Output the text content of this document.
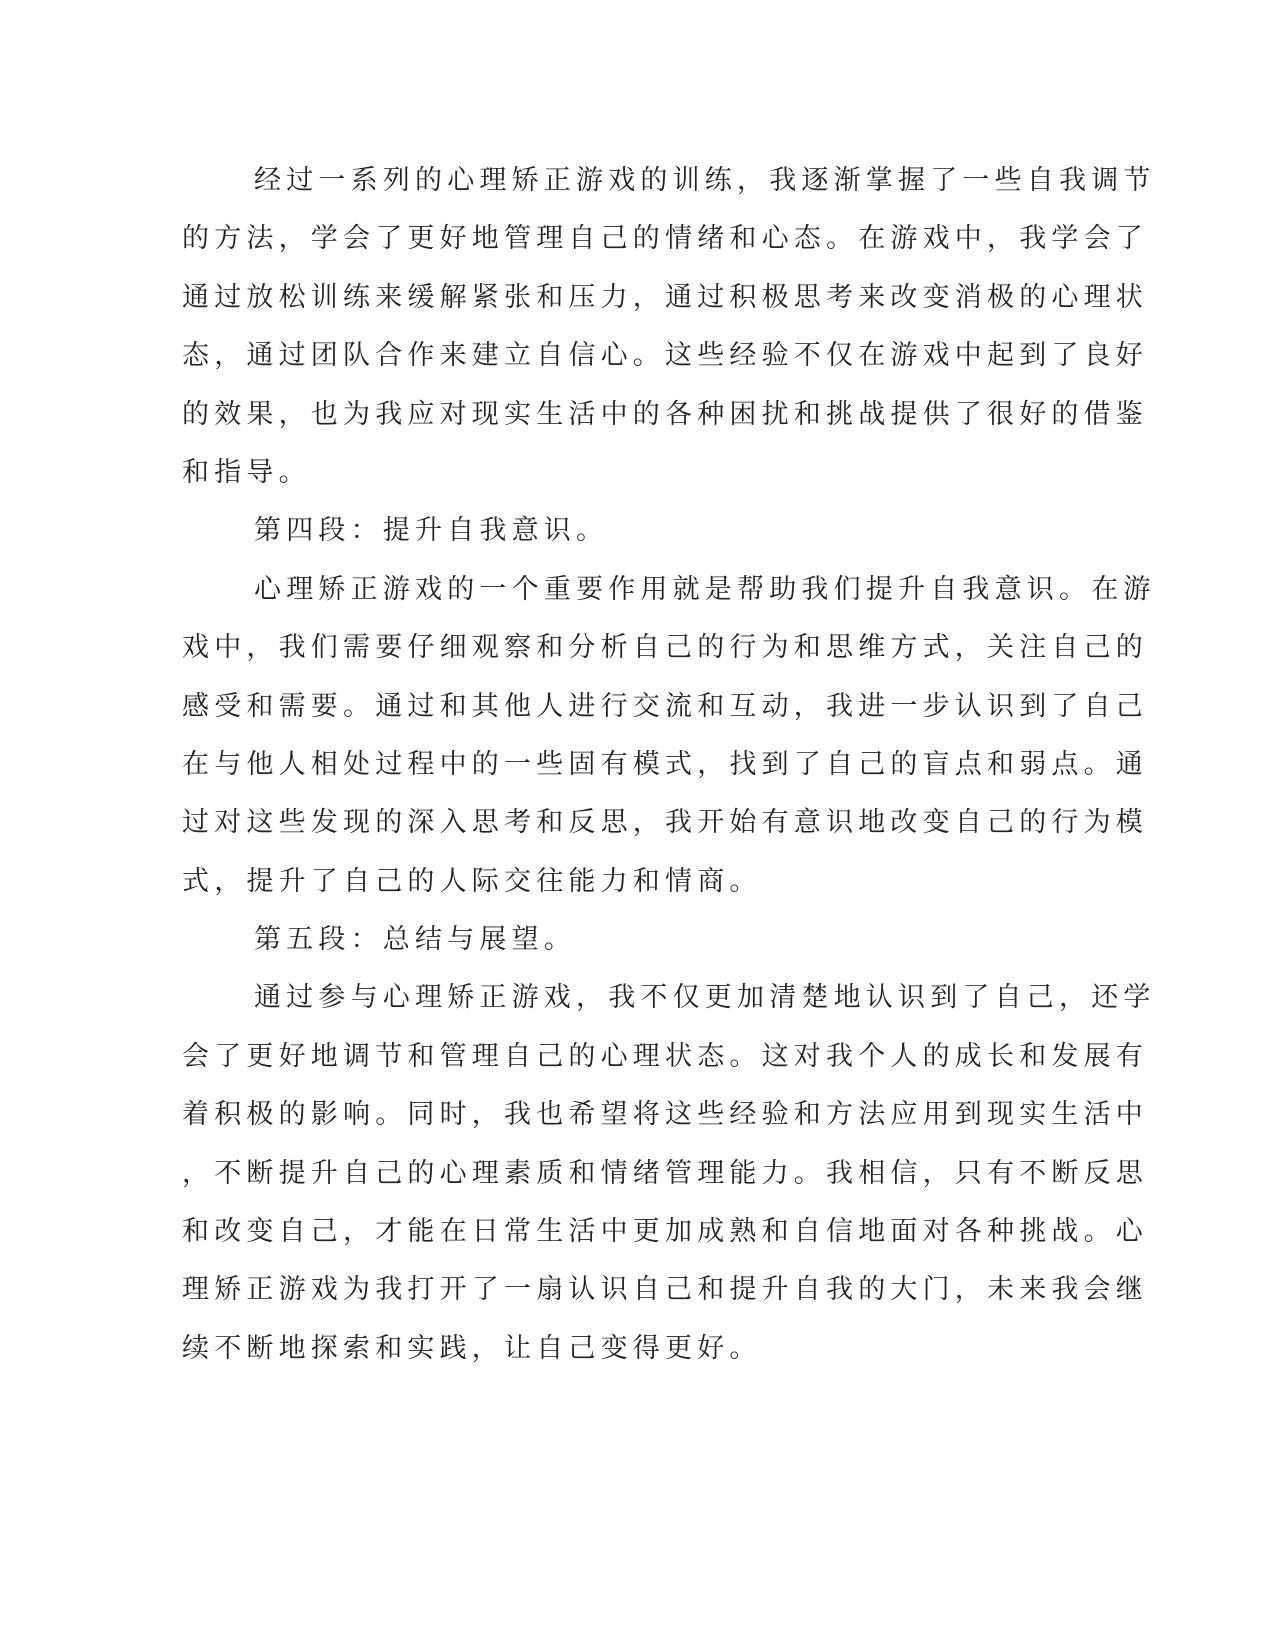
经过一系列的心理矫正游戏的训练，我逐渐掌握了一些自我调节
的方法，学会了更好地管理自己的情绪和心态。在游戏中，我学会了
通过放松训练来缓解紧张和压力，通过积极思考来改变消极的心理状
态，通过团队合作来建立自信心。这些经验不仅在游戏中起到了良好
的效果，也为我应对现实生活中的各种困扰和挑战提供了很好的借鉴
和指导。
第四段：提升自我意识。
心理矫正游戏的一个重要作用就是帮助我们提升自我意识。在游
戏中，我们需要仔细观察和分析自己的行为和思维方式，关注自己的
感受和需要。通过和其他人进行交流和互动，我进一步认识到了自己
在与他人相处过程中的一些固有模式，找到了自己的盲点和弱点。通
过对这些发现的深入思考和反思，我开始有意识地改变自己的行为模
式，提升了自己的人际交往能力和情商。
第五段：总结与展望。
通过参与心理矫正游戏，我不仅更加清楚地认识到了自己，还学
会了更好地调节和管理自己的心理状态。这对我个人的成长和发展有
着积极的影响。同时，我也希望将这些经验和方法应用到现实生活中
，不断提升自己的心理素质和情绪管理能力。我相信，只有不断反思
和改变自己，才能在日常生活中更加成熟和自信地面对各种挑战。心
理矫正游戏为我打开了一扇认识自己和提升自我的大门，未来我会继
续不断地探索和实践，让自己变得更好。
